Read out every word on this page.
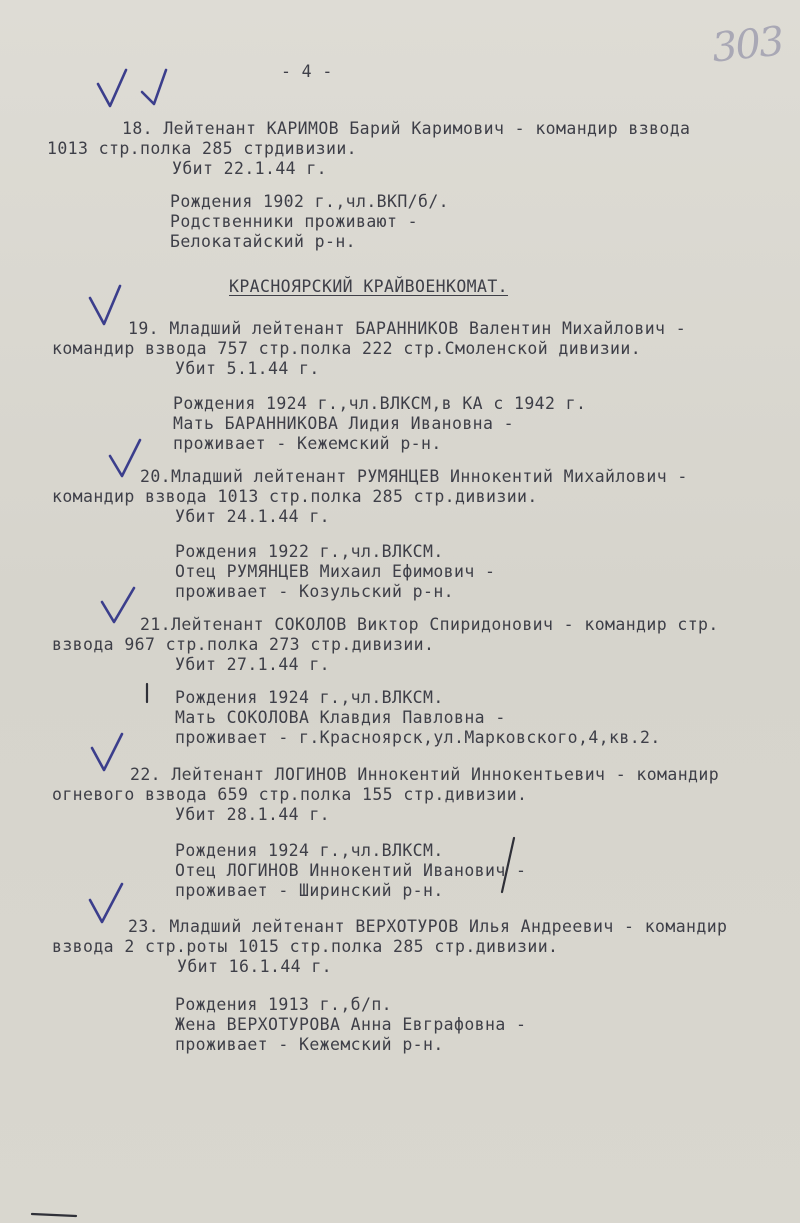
303
- 4 -
18. Лейтенант КАРИМОВ Барий Каримович - командир взвода
1013 стр.полка 285 стрдивизии.
Убит 22.1.44 г.
Рождения 1902 г.,чл.ВКП/б/.
Родственники проживают -
Белокатайский р-н.
КРАСНОЯРСКИЙ КРАЙВОЕНКОМАТ.
19. Младший лейтенант БАРАННИКОВ Валентин Михайлович -
командир взвода 757 стр.полка 222 стр.Смоленской дивизии.
Убит 5.1.44 г.
Рождения 1924 г.,чл.ВЛКСМ,в КА с 1942 г.
Мать БАРАННИКОВА Лидия Ивановна -
проживает - Кежемский р-н.
20.Младший лейтенант РУМЯНЦЕВ Иннокентий Михайлович -
командир взвода 1013 стр.полка 285 стр.дивизии.
Убит 24.1.44 г.
Рождения 1922 г.,чл.ВЛКСМ.
Отец РУМЯНЦЕВ Михаил Ефимович -
проживает - Козульский р-н.
21.Лейтенант СОКОЛОВ Виктор Спиридонович - командир стр.
взвода 967 стр.полка 273 стр.дивизии.
Убит 27.1.44 г.
Рождения 1924 г.,чл.ВЛКСМ.
Мать СОКОЛОВА Клавдия Павловна -
проживает - г.Красноярск,ул.Марковского,4,кв.2.
22. Лейтенант ЛОГИНОВ Иннокентий Иннокентьевич - командир
огневого взвода 659 стр.полка 155 стр.дивизии.
Убит 28.1.44 г.
Рождения 1924 г.,чл.ВЛКСМ.
Отец ЛОГИНОВ Иннокентий Иванович -
проживает - Ширинский р-н.
23. Младший лейтенант ВЕРХОТУРОВ Илья Андреевич - командир
взвода 2 стр.роты 1015 стр.полка 285 стр.дивизии.
Убит 16.1.44 г.
Рождения 1913 г.,б/п.
Жена ВЕРХОТУРОВА Анна Евграфовна -
проживает - Кежемский р-н.
